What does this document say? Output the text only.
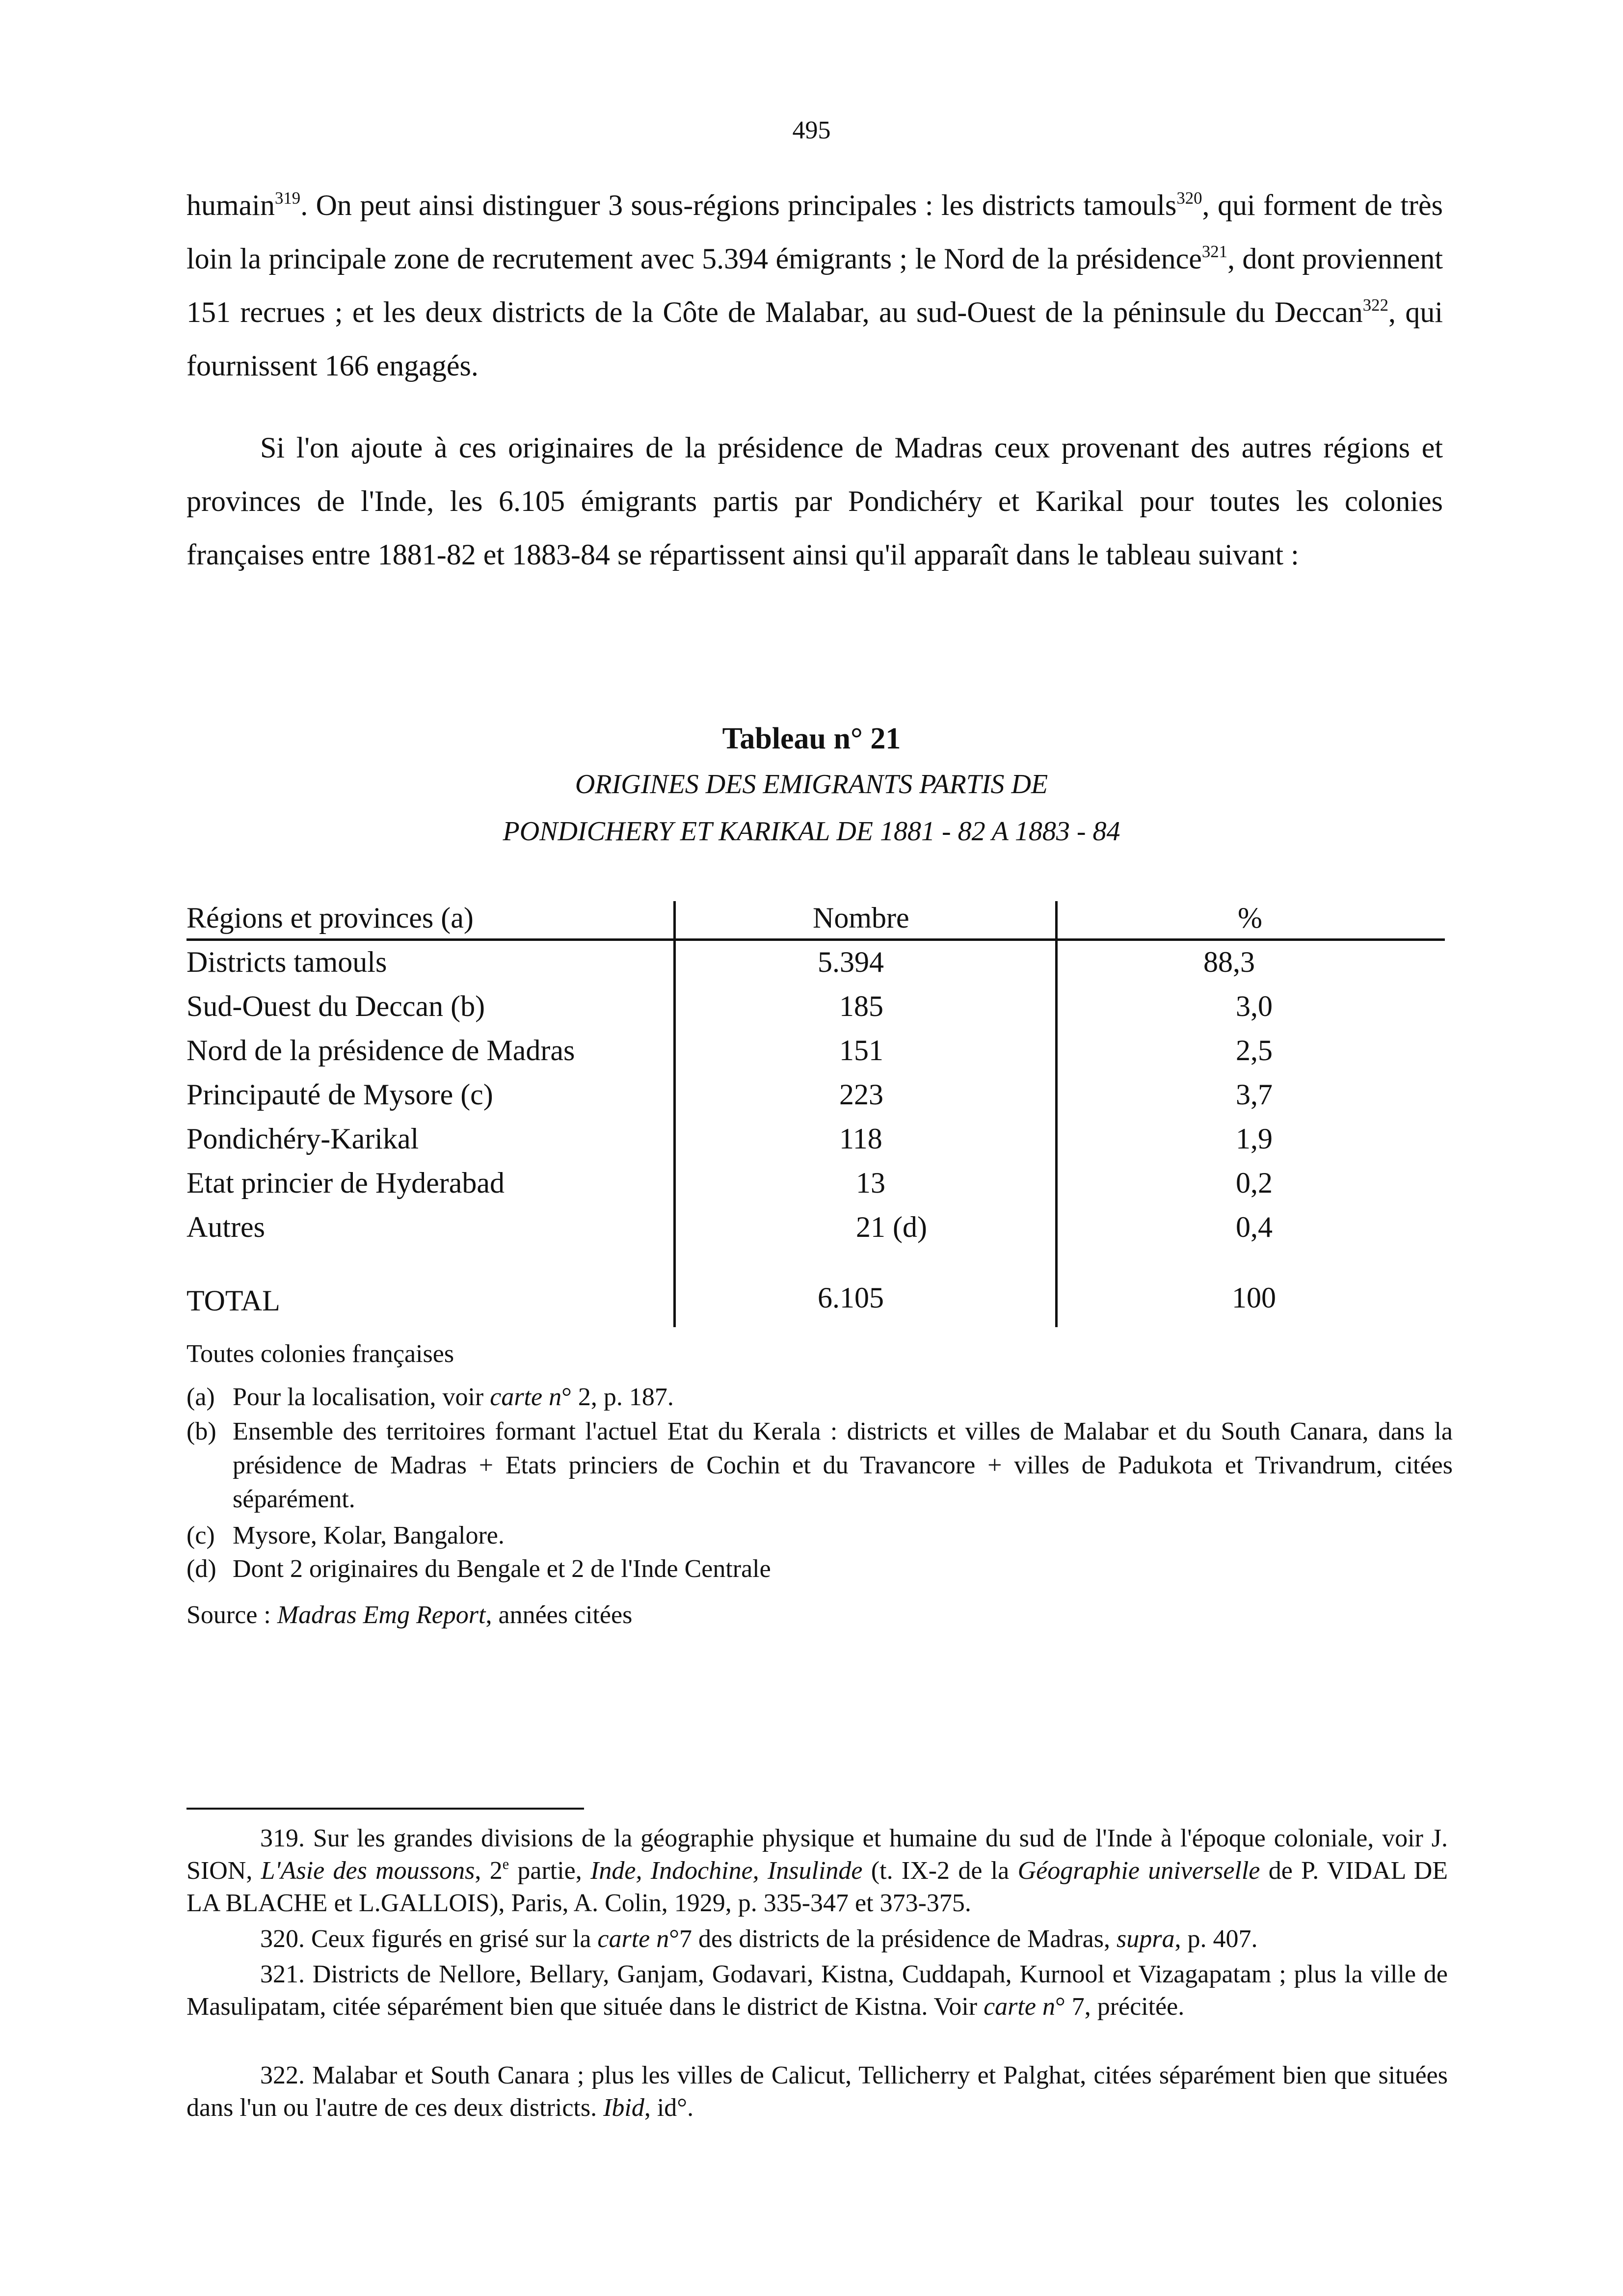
495
humain$^{319}$. On peut ainsi distinguer 3 sous-régions principales : les districts tamouls$^{320}$, qui forment de très loin la principale zone de recrutement avec 5.394 émigrants ; le Nord de la présidence$^{321}$, dont proviennent 151 recrues ; et les deux districts de la Côte de Malabar, au sud-Ouest de la péninsule du Deccan$^{322}$, qui fournissent 166 engagés.
Si l'on ajoute à ces originaires de la présidence de Madras ceux provenant des autres régions et provinces de l'Inde, les 6.105 émigrants partis par Pondichéry et Karikal pour toutes les colonies françaises entre 1881-82 et 1883-84 se répartissent ainsi qu'il apparaît dans le tableau suivant :
Tableau n° 21
ORIGINES DES EMIGRANTS PARTIS DE
PONDICHERY ET KARIKAL DE 1881 - 82 A 1883 - 84
Régions et provinces (a)	Nombre	%
Districts tamouls	5.394	88,3
Sud-Ouest du Deccan (b)	185	3,0
Nord de la présidence de Madras	151	2,5
Principauté de Mysore (c)	223	3,7
Pondichéry-Karikal	118	1,9
Etat princier de Hyderabad	13	0,2
Autres	21 (d)	0,4
TOTAL	6.105	100
Toutes colonies françaises
(a) Pour la localisation, voir carte n° 2, p. 187.
(b) Ensemble des territoires formant l'actuel Etat du Kerala : districts et villes de Malabar et du South Canara, dans la présidence de Madras + Etats princiers de Cochin et du Travancore + villes de Padukota et Trivandrum, citées séparément.
(c) Mysore, Kolar, Bangalore.
(d) Dont 2 originaires du Bengale et 2 de l'Inde Centrale
Source : Madras Emg Report, années citées
319. Sur les grandes divisions de la géographie physique et humaine du sud de l'Inde à l'époque coloniale, voir J. SION, L'Asie des moussons, 2e partie, Inde, Indochine, Insulinde (t. IX-2 de la Géographie universelle de P. VIDAL DE LA BLACHE et L.GALLOIS), Paris, A. Colin, 1929, p. 335-347 et 373-375.
320. Ceux figurés en grisé sur la carte n°7 des districts de la présidence de Madras, supra, p. 407.
321. Districts de Nellore, Bellary, Ganjam, Godavari, Kistna, Cuddapah, Kurnool et Vizagapatam ; plus la ville de Masulipatam, citée séparément bien que située dans le district de Kistna. Voir carte n° 7, précitée.
322. Malabar et South Canara ; plus les villes de Calicut, Tellicherry et Palghat, citées séparément bien que situées dans l'un ou l'autre de ces deux districts. Ibid, id°.
